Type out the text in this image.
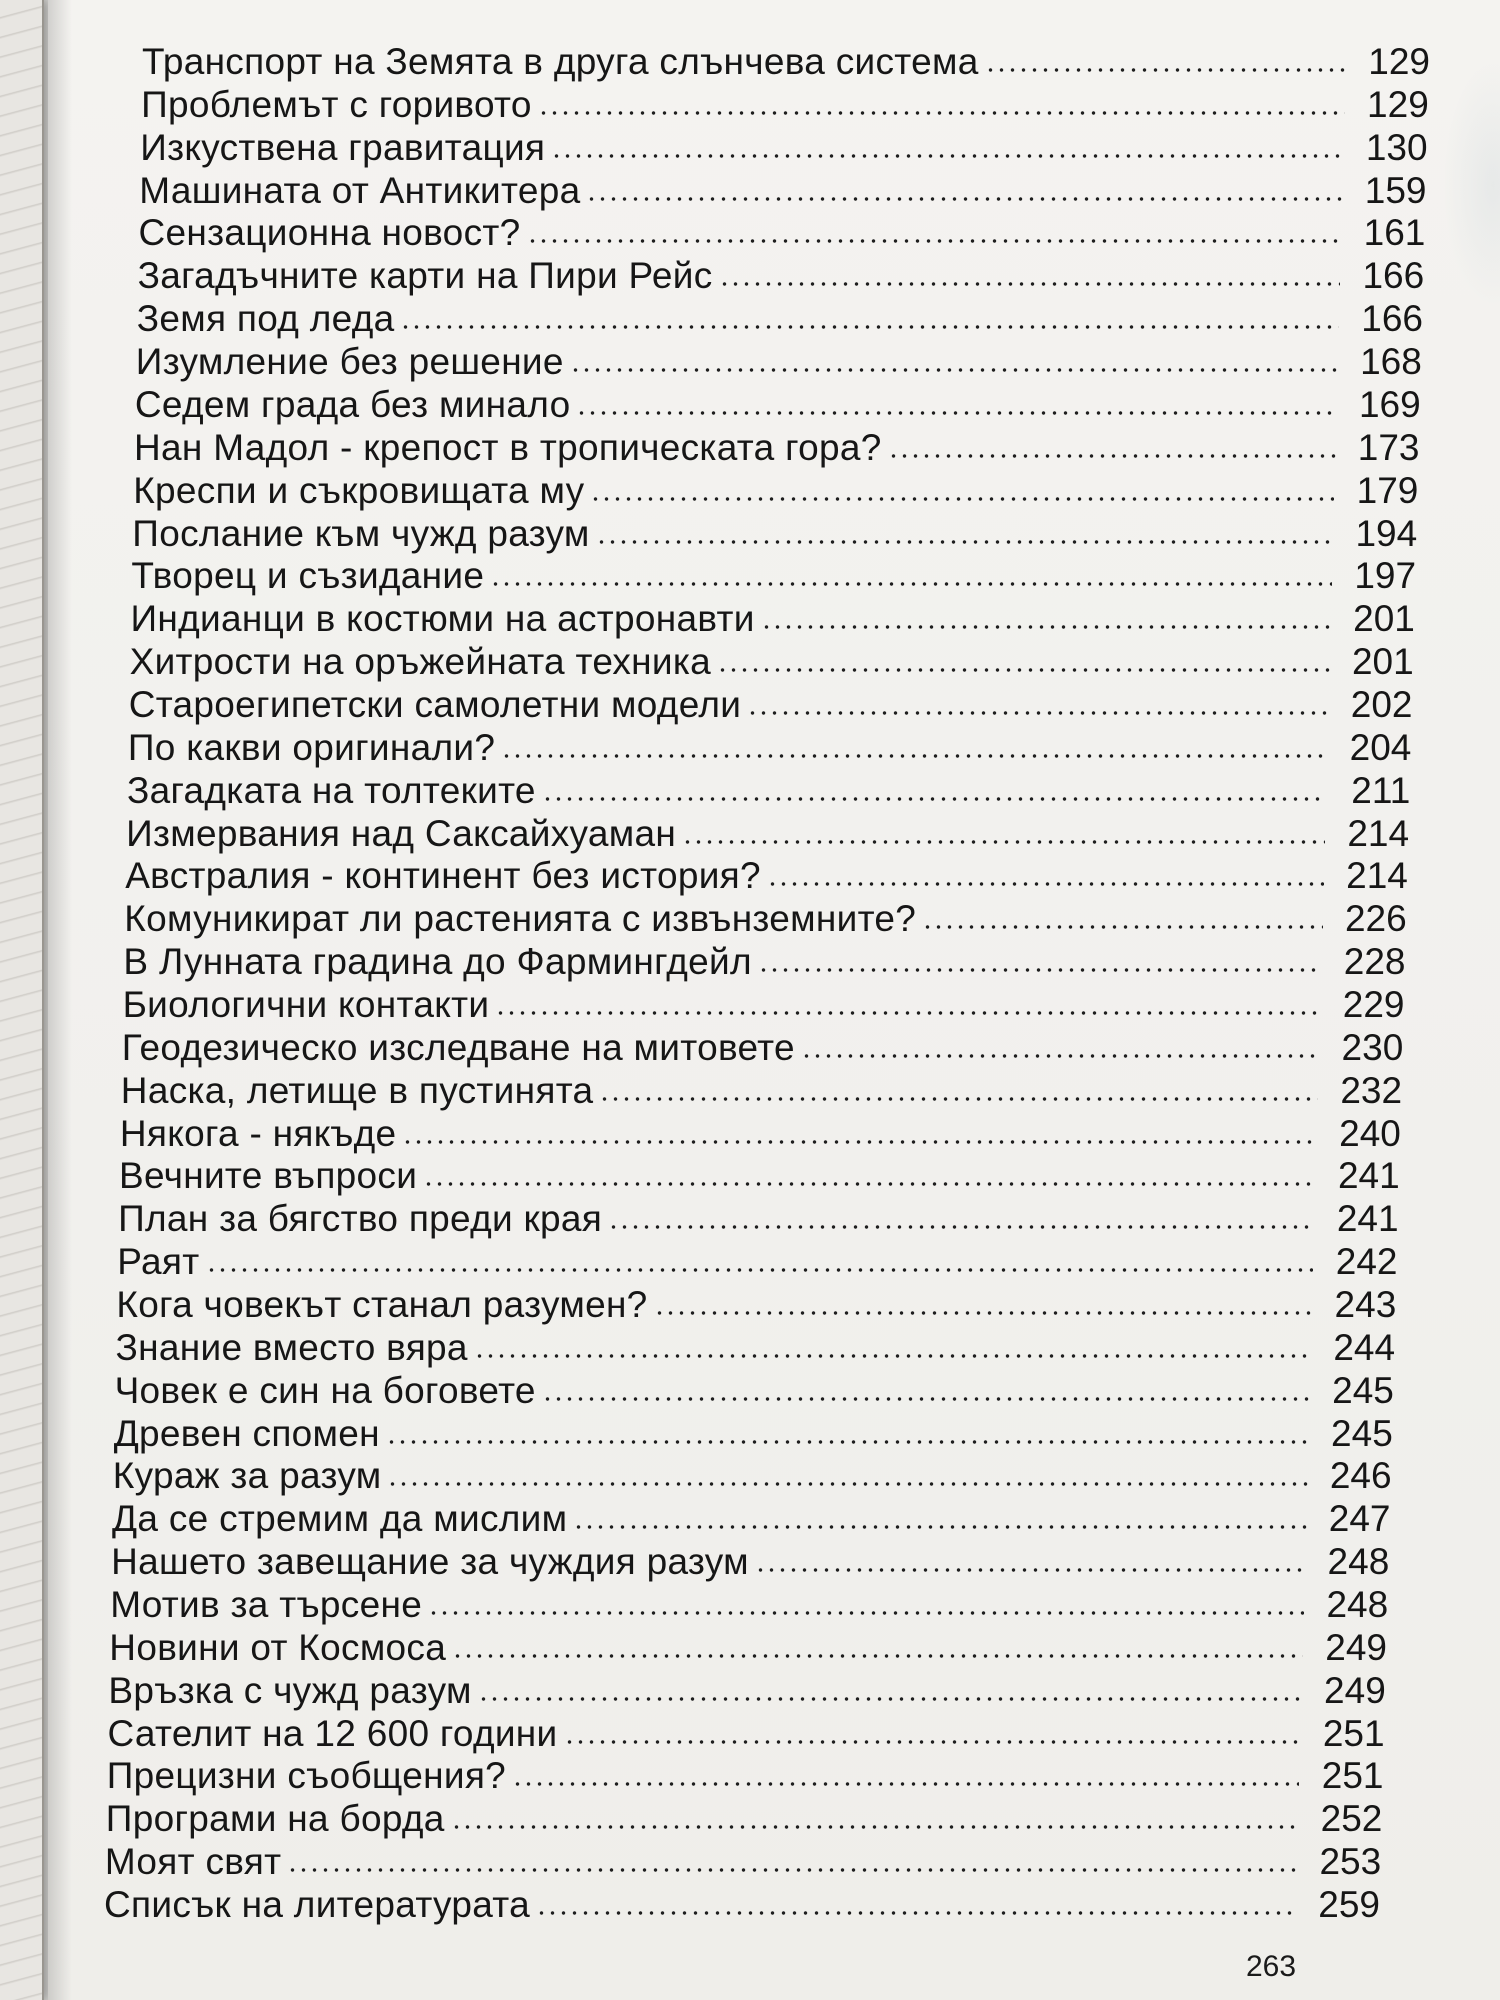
Транспорт на Земята в друга слънчева система	129
Проблемът с горивото	129
Изкуствена гравитация	130
Машината от Антикитера	159
Сензационна новост?	161
Загадъчните карти на Пири Рейс	166
Земя под леда	166
Изумление без решение	168
Седем града без минало	169
Нан Мадол - крепост в тропическата гора?	173
Креспи и съкровищата му	179
Послание към чужд разум	194
Творец и съзидание	197
Индианци в костюми на астронавти	201
Хитрости на оръжейната техника	201
Староегипетски самолетни модели	202
По какви оригинали?	204
Загадката на толтеките	211
Измервания над Саксайхуаман	214
Австралия - континент без история?	214
Комуникират ли растенията с извънземните?	226
В Лунната градина до Фармингдейл	228
Биологични контакти	229
Геодезическо изследване на митовете	230
Наска, летище в пустинята	232
Някога - някъде	240
Вечните въпроси	241
План за бягство преди края	241
Раят	242
Кога човекът станал разумен?	243
Знание вместо вяра	244
Човек е син на боговете	245
Древен спомен	245
Кураж за разум	246
Да се стремим да мислим	247
Нашето завещание за чуждия разум	248
Мотив за търсене	248
Новини от Космоса	249
Връзка с чужд разум	249
Сателит на 12 600 години	251
Прецизни съобщения?	251
Програми на борда	252
Моят свят	253
Списък на литературата	259
263
